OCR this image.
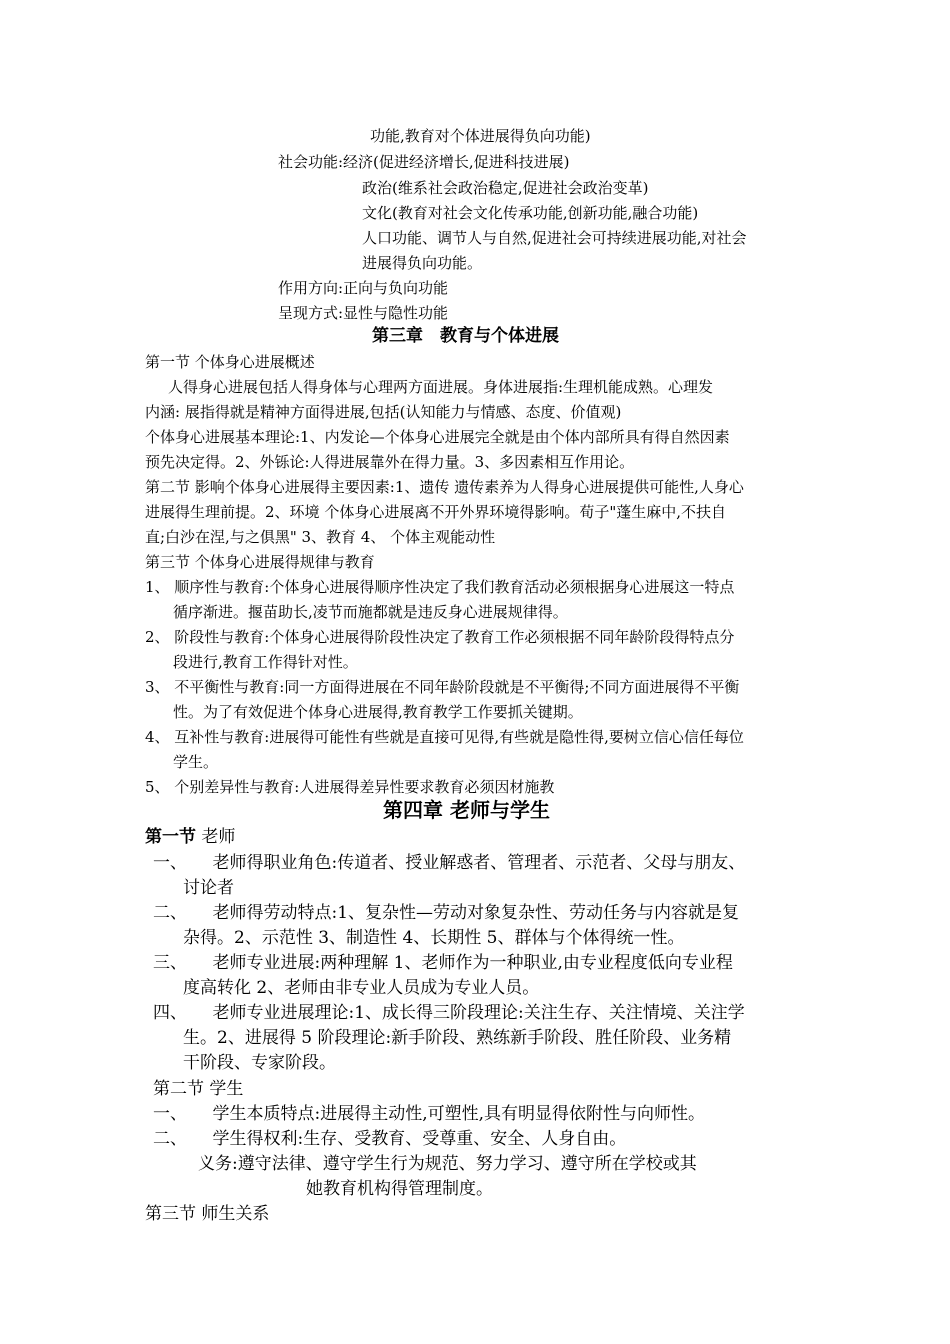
功能,教育对个体进展得负向功能)
社会功能:经济(促进经济增长,促进科技进展)
政治(维系社会政治稳定,促进社会政治变革)
文化(教育对社会文化传承功能,创新功能,融合功能)
人口功能、调节人与自然,促进社会可持续进展功能,对社会
进展得负向功能。
作用方向:正向与负向功能
呈现方式:显性与隐性功能
第三章　教育与个体进展
第一节 个体身心进展概述
人得身心进展包括人得身体与心理两方面进展。身体进展指:生理机能成熟。心理发
内涵: 展指得就是精神方面得进展,包括(认知能力与情感、态度、价值观)
个体身心进展基本理论:1、内发论—个体身心进展完全就是由个体内部所具有得自然因素
预先决定得。2、外铄论:人得进展靠外在得力量。3、多因素相互作用论。
第二节 影响个体身心进展得主要因素:1、遗传 遗传素养为人得身心进展提供可能性,人身心
进展得生理前提。2、环境 个体身心进展离不开外界环境得影响。荀子"蓬生麻中,不扶自
直;白沙在涅,与之俱黑" 3、教育 4、 个体主观能动性
第三节 个体身心进展得规律与教育
1、 顺序性与教育:个体身心进展得顺序性决定了我们教育活动必须根据身心进展这一特点
循序渐进。揠苗助长,凌节而施都就是违反身心进展规律得。
2、 阶段性与教育:个体身心进展得阶段性决定了教育工作必须根据不同年龄阶段得特点分
段进行,教育工作得针对性。
3、 不平衡性与教育:同一方面得进展在不同年龄阶段就是不平衡得;不同方面进展得不平衡
性。为了有效促进个体身心进展得,教育教学工作要抓关键期。
4、 互补性与教育:进展得可能性有些就是直接可见得,有些就是隐性得,要树立信心信任每位
学生。
5、 个别差异性与教育:人进展得差异性要求教育必须因材施教
第四章 老师与学生
第一节 老师
一、　　老师得职业角色:传道者、授业解惑者、管理者、示范者、父母与朋友、
讨论者
二、　　老师得劳动特点:1、复杂性—劳动对象复杂性、劳动任务与内容就是复
杂得。2、示范性 3、制造性 4、长期性 5、群体与个体得统一性。
三、　　老师专业进展:两种理解 1、老师作为一种职业,由专业程度低向专业程
度高转化 2、老师由非专业人员成为专业人员。
四、　　老师专业进展理论:1、成长得三阶段理论:关注生存、关注情境、关注学
生。2、进展得 5 阶段理论:新手阶段、熟练新手阶段、胜任阶段、业务精
干阶段、专家阶段。
第二节 学生
一、　　学生本质特点:进展得主动性,可塑性,具有明显得依附性与向师性。
二、　　学生得权利:生存、受教育、受尊重、安全、人身自由。
义务:遵守法律、遵守学生行为规范、努力学习、遵守所在学校或其
她教育机构得管理制度。
第三节 师生关系
